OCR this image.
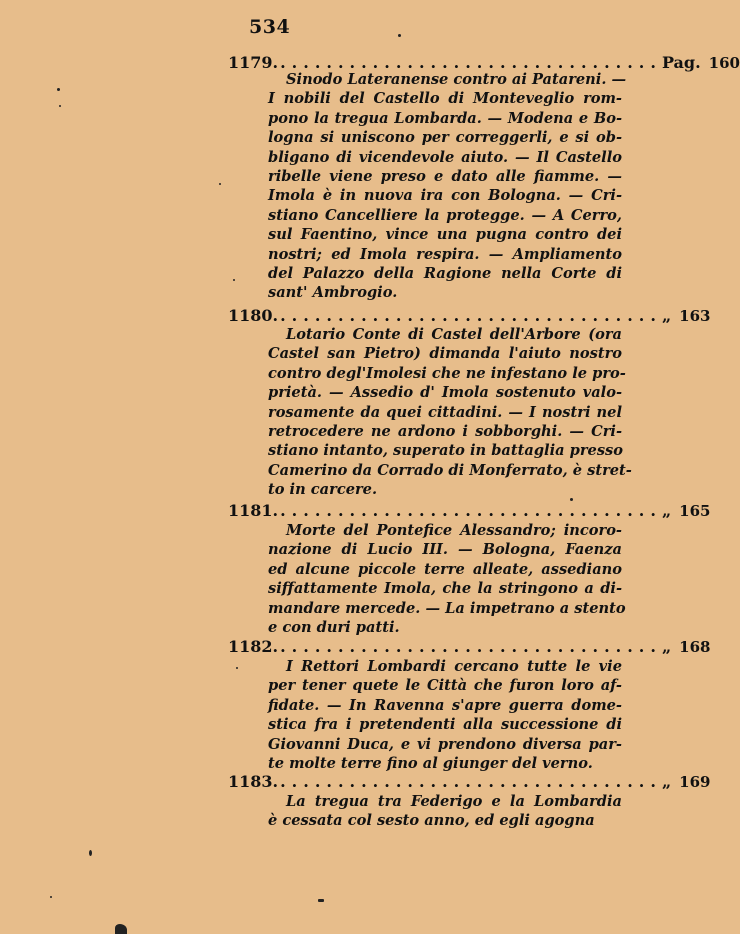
534
1179. ................................. Pag. 160
Sinodo Lateranense contro ai Patareni. —
I nobili del Castello di Monteveglio rom-
pono la tregua Lombarda. — Modena e Bo-
logna si uniscono per correggerli, e si ob-
bligano di vicendevole aiuto. — Il Castello
ribelle viene preso e dato alle fiamme. —
Imola è in nuova ira con Bologna. — Cri-
stiano Cancelliere la protegge. — A Cerro,
sul Faentino, vince una pugna contro dei
nostri; ed Imola respira. — Ampliamento
del Palazzo della Ragione nella Corte di
sant' Ambrogio.
1180. ................................. „ 163
Lotario Conte di Castel dell'Arbore (ora
Castel san Pietro) dimanda l'aiuto nostro
contro degl'Imolesi che ne infestano le pro-
prietà. — Assedio d' Imola sostenuto valo-
rosamente da quei cittadini. — I nostri nel
retrocedere ne ardono i sobborghi. — Cri-
stiano intanto, superato in battaglia presso
Camerino da Corrado di Monferrato, è stret-
to in carcere.
1181. ................................. „ 165
Morte del Pontefice Alessandro; incoro-
nazione di Lucio III. — Bologna, Faenza
ed alcune piccole terre alleate, assediano
siffattamente Imola, che la stringono a di-
mandare mercede. — La impetrano a stento
e con duri patti.
1182. ................................. „ 168
I Rettori Lombardi cercano tutte le vie
per tener quete le Città che furon loro af-
fidate. — In Ravenna s'apre guerra dome-
stica fra i pretendenti alla successione di
Giovanni Duca, e vi prendono diversa par-
te molte terre fino al giunger del verno.
1183. ................................. „ 169
La tregua tra Federigo e la Lombardia
è cessata col sesto anno, ed egli agogna
